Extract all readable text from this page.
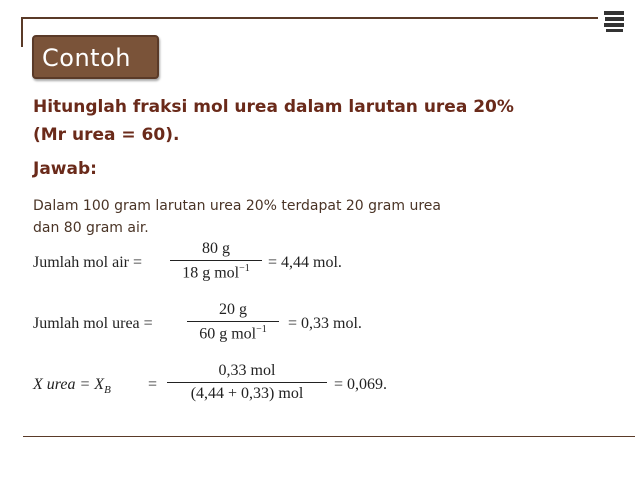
Contoh
Hitunglah fraksi mol urea dalam larutan urea 20%
(Mr urea = 60).
Jawab:
Dalam 100 gram larutan urea 20% terdapat 20 gram urea
dan 80 gram air.
Jumlah mol air =
80 g
18 g mol$^{-1}$	= 4,44 mol.
Jumlah mol urea =
20 g
60 g mol$^{-1}$	= 0,33 mol.
X urea = $X_B$ =
0,33 mol
(4,44 + 0,33) mol
= 0,069.
